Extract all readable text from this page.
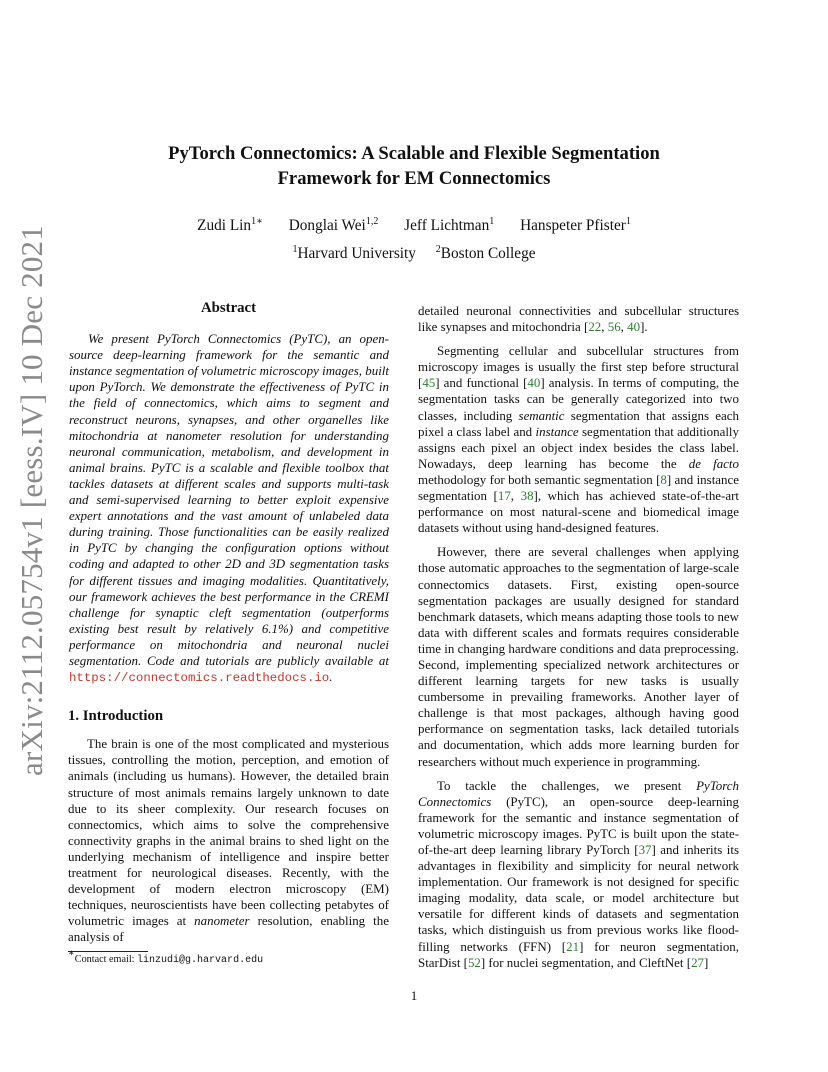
arXiv:2112.05754v1 [eess.IV] 10 Dec 2021
PyTorch Connectomics: A Scalable and Flexible Segmentation
Framework for EM Connectomics
Zudi Lin$^{1∗}$ Donglai Wei$^{1,2}$ Jeff Lichtman$^1$ Hanspeter Pfister$^1$
$^1$Harvard University $^2$Boston College
Abstract

We present PyTorch Connectomics (PyTC), an open-source deep-learning framework for the semantic and instance segmentation of volumetric microscopy images, built upon PyTorch. We demonstrate the effectiveness of PyTC in the field of connectomics, which aims to segment and reconstruct neurons, synapses, and other organelles like mitochondria at nanometer resolution for understanding neuronal communication, metabolism, and development in animal brains. PyTC is a scalable and flexible toolbox that tackles datasets at different scales and supports multi-task and semi-supervised learning to better exploit expensive expert annotations and the vast amount of unlabeled data during training. Those functionalities can be easily realized in PyTC by changing the configuration options without coding and adapted to other 2D and 3D segmentation tasks for different tissues and imaging modalities. Quantitatively, our framework achieves the best performance in the CREMI challenge for synaptic cleft segmentation (outperforms existing best result by relatively 6.1%) and competitive performance on mitochondria and neuronal nuclei segmentation. Code and tutorials are publicly available at https://connectomics.readthedocs.io.

1. Introduction

The brain is one of the most complicated and mysterious tissues, controlling the motion, perception, and emotion of animals (including us humans). However, the detailed brain structure of most animals remains largely unknown to date due to its sheer complexity. Our research focuses on connectomics, which aims to solve the comprehensive connectivity graphs in the animal brains to shed light on the underlying mechanism of intelligence and inspire better treatment for neurological diseases. Recently, with the development of modern electron microscopy (EM) techniques, neuroscientists have been collecting petabytes of volumetric images at nanometer resolution, enabling the analysis of

detailed neuronal connectivities and subcellular structures like synapses and mitochondria [22, 56, 40].

Segmenting cellular and subcellular structures from microscopy images is usually the first step before structural [45] and functional [40] analysis. In terms of computing, the segmentation tasks can be generally categorized into two classes, including semantic segmentation that assigns each pixel a class label and instance segmentation that additionally assigns each pixel an object index besides the class label. Nowadays, deep learning has become the de facto methodology for both semantic segmentation [8] and instance segmentation [17, 38], which has achieved state-of-the-art performance on most natural-scene and biomedical image datasets without using hand-designed features.

However, there are several challenges when applying those automatic approaches to the segmentation of large-scale connectomics datasets. First, existing open-source segmentation packages are usually designed for standard benchmark datasets, which means adapting those tools to new data with different scales and formats requires considerable time in changing hardware conditions and data preprocessing. Second, implementing specialized network architectures or different learning targets for new tasks is usually cumbersome in prevailing frameworks. Another layer of challenge is that most packages, although having good performance on segmentation tasks, lack detailed tutorials and documentation, which adds more learning burden for researchers without much experience in programming.

To tackle the challenges, we present PyTorch Connectomics (PyTC), an open-source deep-learning framework for the semantic and instance segmentation of volumetric microscopy images. PyTC is built upon the state-of-the-art deep learning library PyTorch [37] and inherits its advantages in flexibility and simplicity for neural network implementation. Our framework is not designed for specific imaging modality, data scale, or model architecture but versatile for different kinds of datasets and segmentation tasks, which distinguish us from previous works like flood-filling networks (FFN) [21] for neuron segmentation, StarDist [52] for nuclei segmentation, and CleftNet [27]

∗Contact email: linzudi@g.harvard.edu
1
